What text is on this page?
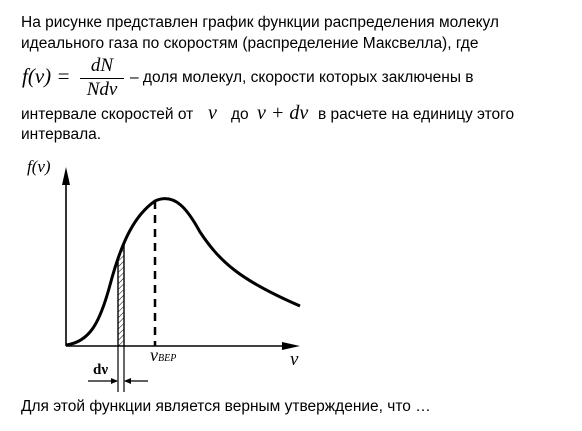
На рисунке представлен график функции распределения молекул
идеального газа по скоростям (распределение Максвелла), где
f(ν) =	dN
Ndν
– доля молекул, скорости которых заключены в
интервале скоростей от ν до ν + dν в расчете на единицу этого
интервала.
f(ν)
ν
νВЕР
dν
Для этой функции является верным утверждение, что …
